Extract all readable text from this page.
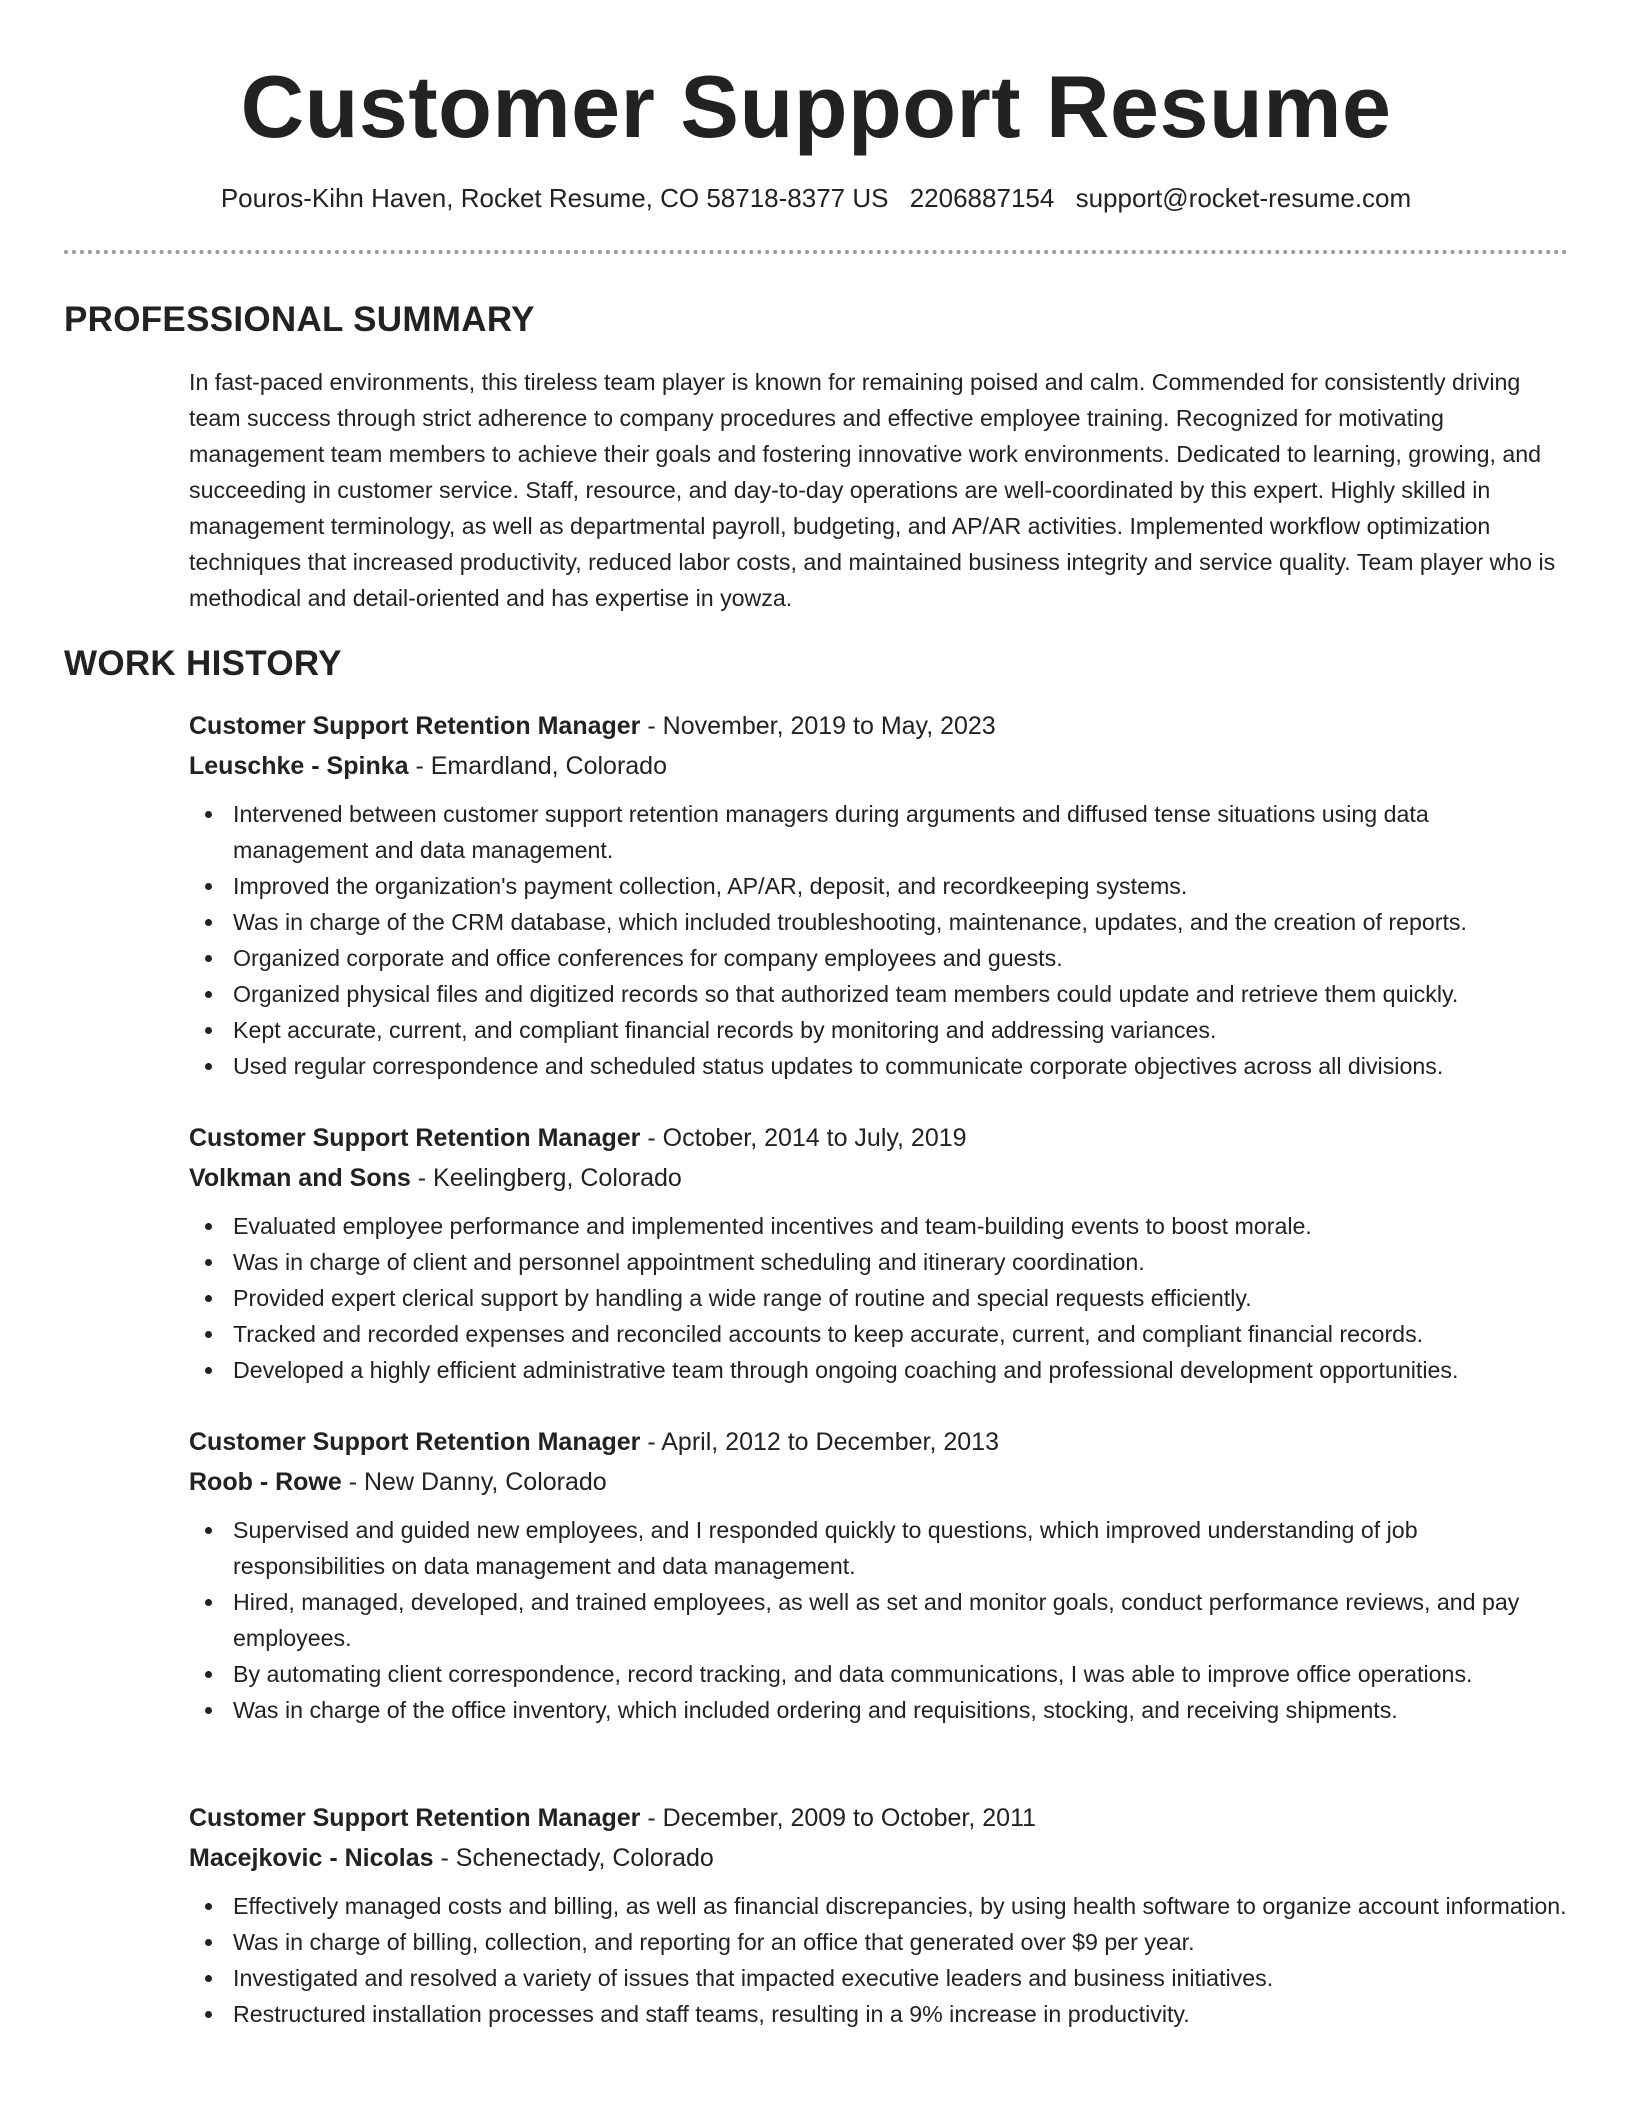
Customer Support Resume
Pouros-Kihn Haven, Rocket Resume, CO 58718-8377 US 2206887154 support@rocket-resume.com
PROFESSIONAL SUMMARY
In fast-paced environments, this tireless team player is known for remaining poised and calm. Commended for consistently driving team success through strict adherence to company procedures and effective employee training. Recognized for motivating management team members to achieve their goals and fostering innovative work environments. Dedicated to learning, growing, and succeeding in customer service. Staff, resource, and day-to-day operations are well-coordinated by this expert. Highly skilled in management terminology, as well as departmental payroll, budgeting, and AP/AR activities. Implemented workflow optimization techniques that increased productivity, reduced labor costs, and maintained business integrity and service quality. Team player who is methodical and detail-oriented and has expertise in yowza.
WORK HISTORY
Customer Support Retention Manager - November, 2019 to May, 2023
Leuschke - Spinka - Emardland, Colorado
Intervened between customer support retention managers during arguments and diffused tense situations using data management and data management.
Improved the organization's payment collection, AP/AR, deposit, and recordkeeping systems.
Was in charge of the CRM database, which included troubleshooting, maintenance, updates, and the creation of reports.
Organized corporate and office conferences for company employees and guests.
Organized physical files and digitized records so that authorized team members could update and retrieve them quickly.
Kept accurate, current, and compliant financial records by monitoring and addressing variances.
Used regular correspondence and scheduled status updates to communicate corporate objectives across all divisions.
Customer Support Retention Manager - October, 2014 to July, 2019
Volkman and Sons - Keelingberg, Colorado
Evaluated employee performance and implemented incentives and team-building events to boost morale.
Was in charge of client and personnel appointment scheduling and itinerary coordination.
Provided expert clerical support by handling a wide range of routine and special requests efficiently.
Tracked and recorded expenses and reconciled accounts to keep accurate, current, and compliant financial records.
Developed a highly efficient administrative team through ongoing coaching and professional development opportunities.
Customer Support Retention Manager - April, 2012 to December, 2013
Roob - Rowe - New Danny, Colorado
Supervised and guided new employees, and I responded quickly to questions, which improved understanding of job responsibilities on data management and data management.
Hired, managed, developed, and trained employees, as well as set and monitor goals, conduct performance reviews, and pay employees.
By automating client correspondence, record tracking, and data communications, I was able to improve office operations.
Was in charge of the office inventory, which included ordering and requisitions, stocking, and receiving shipments.
Customer Support Retention Manager - December, 2009 to October, 2011
Macejkovic - Nicolas - Schenectady, Colorado
Effectively managed costs and billing, as well as financial discrepancies, by using health software to organize account information.
Was in charge of billing, collection, and reporting for an office that generated over $9 per year.
Investigated and resolved a variety of issues that impacted executive leaders and business initiatives.
Restructured installation processes and staff teams, resulting in a 9% increase in productivity.
